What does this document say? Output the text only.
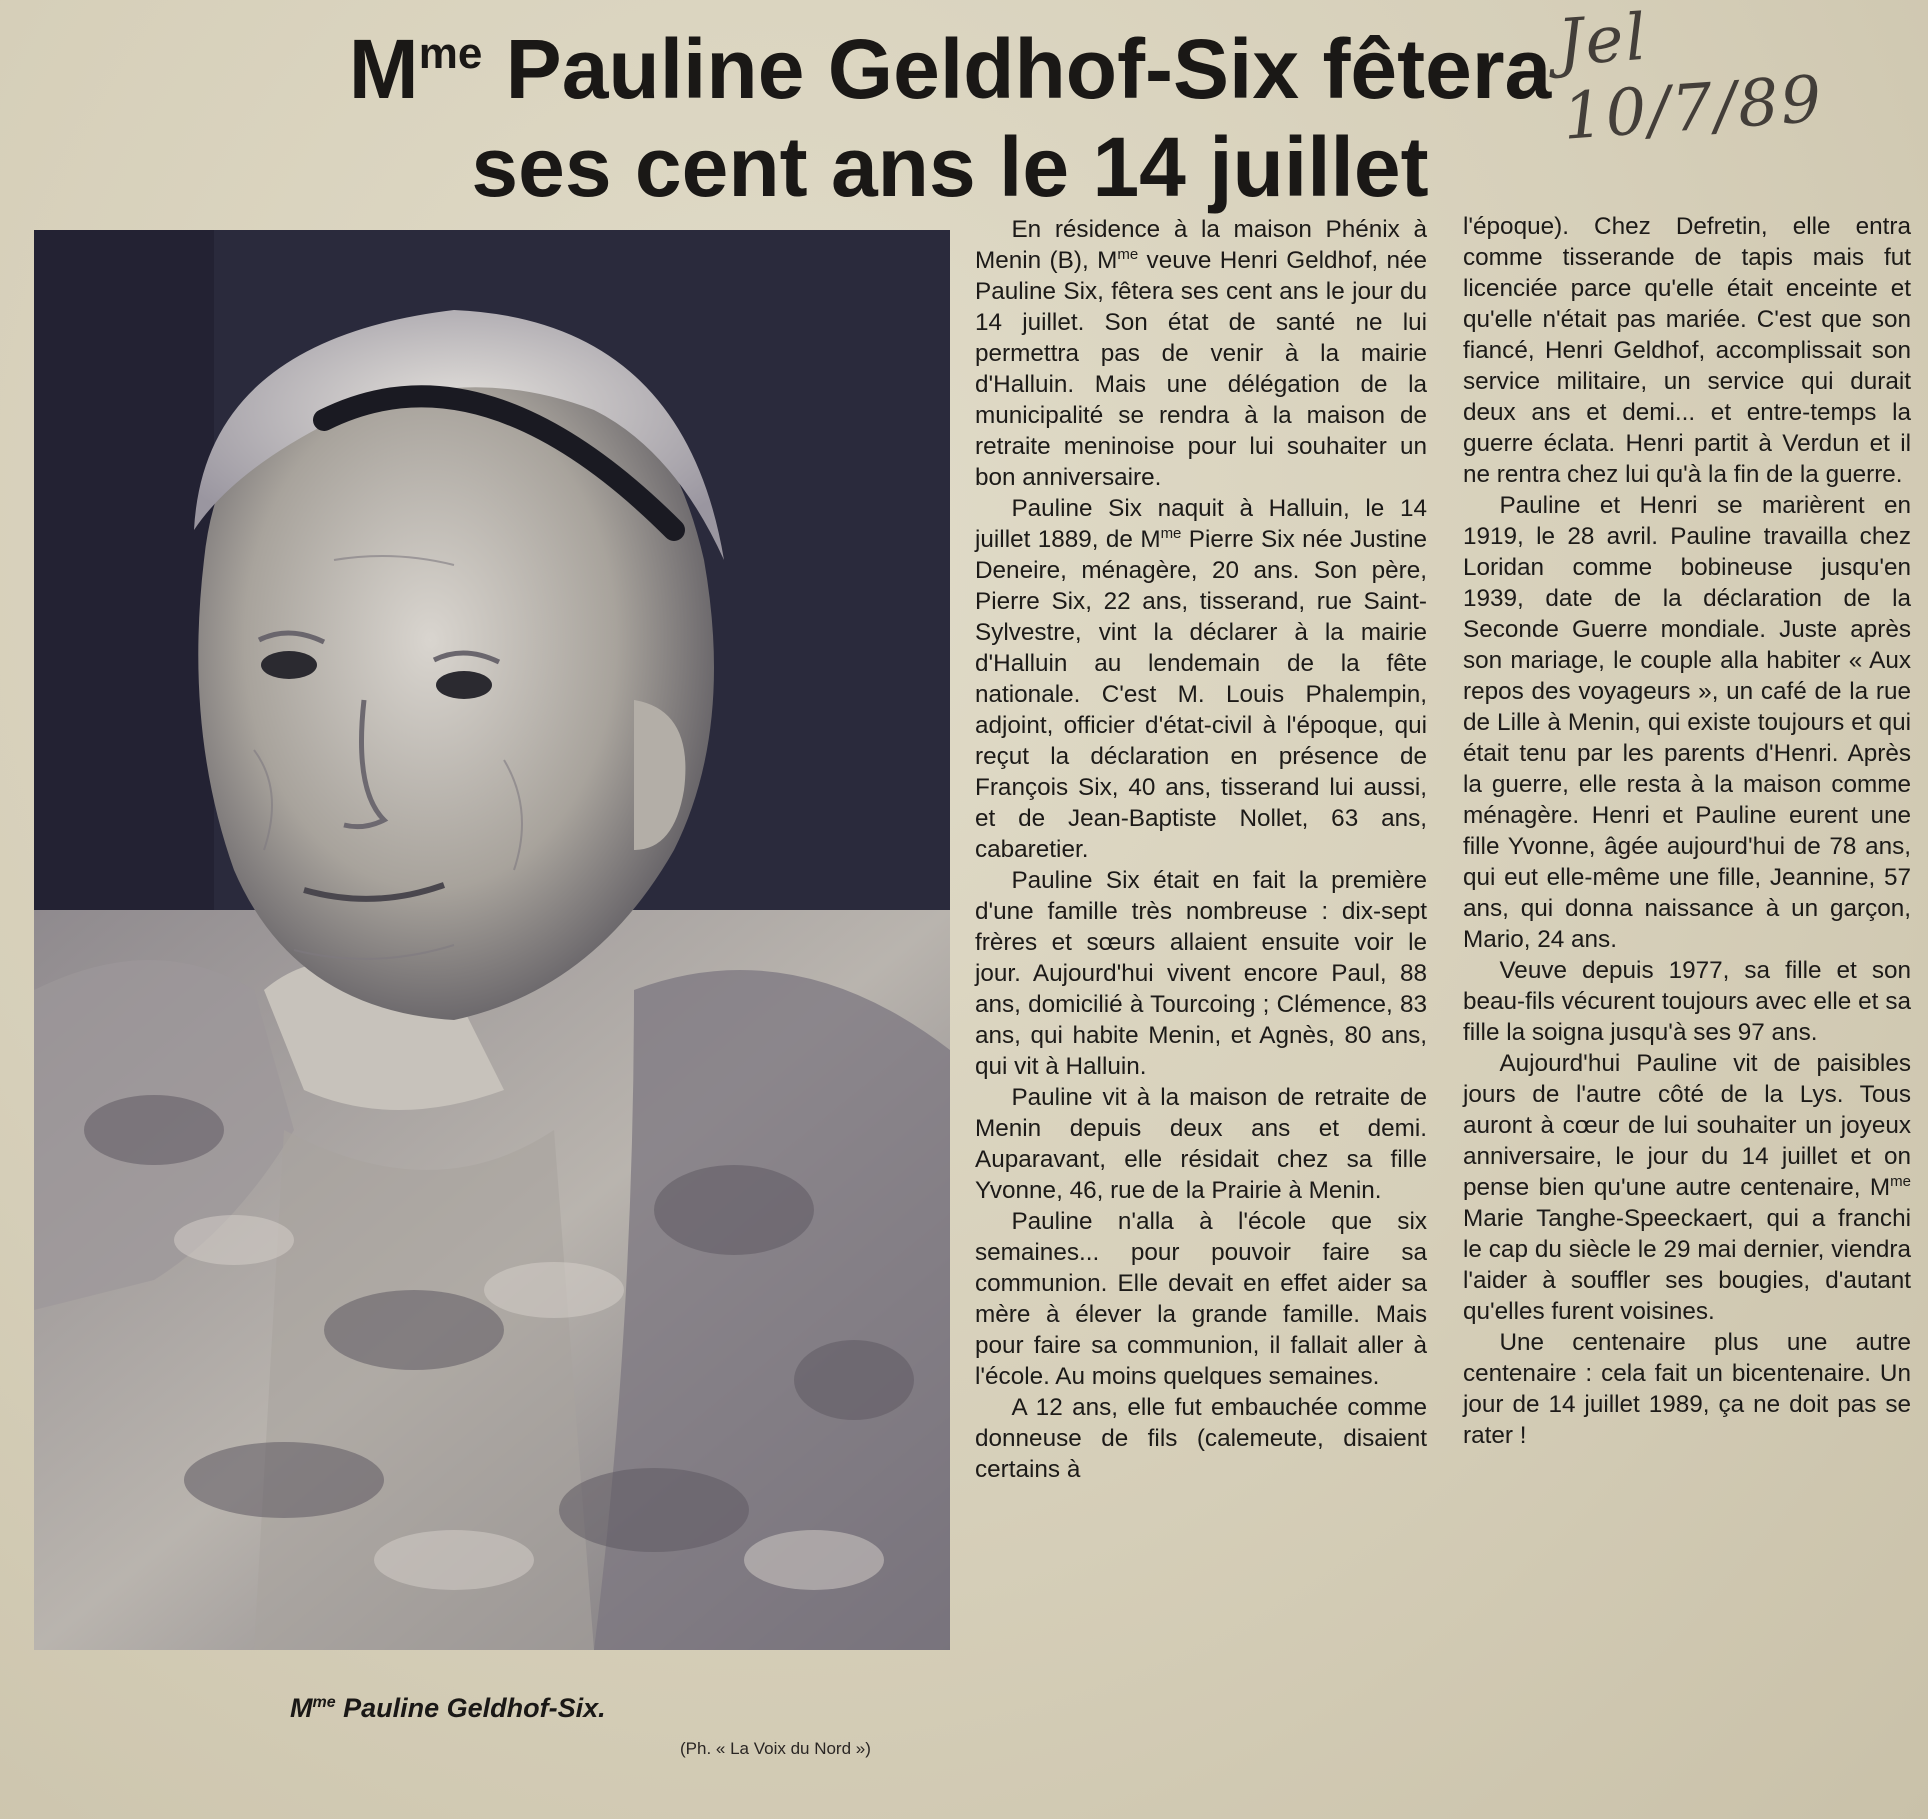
Jel 10/7/89
$M^{me}$ Pauline Geldhof-Six fêtera
ses cent ans le 14 juillet
$M^{me}$ Pauline Geldhof-Six.
(Ph. « La Voix du Nord »)

En résidence à la maison Phénix à Menin (B), $M^{me}$ veuve Henri Geldhof, née Pauline Six, fêtera ses cent ans le jour du 14 juillet. Son état de santé ne lui permettra pas de venir à la mairie d'Halluin. Mais une délégation de la municipalité se rendra à la maison de retraite meninoise pour lui souhaiter un bon anniversaire.

Pauline Six naquit à Halluin, le 14 juillet 1889, de $M^{me}$ Pierre Six née Justine Deneire, ménagère, 20 ans. Son père, Pierre Six, 22 ans, tisserand, rue Saint-Sylvestre, vint la déclarer à la mairie d'Halluin au lendemain de la fête nationale. C'est M. Louis Phalempin, adjoint, officier d'état-civil à l'époque, qui reçut la déclaration en présence de François Six, 40 ans, tisserand lui aussi, et de Jean-Baptiste Nollet, 63 ans, cabaretier.

Pauline Six était en fait la première d'une famille très nombreuse : dix-sept frères et sœurs allaient ensuite voir le jour. Aujourd'hui vivent encore Paul, 88 ans, domicilié à Tourcoing ; Clémence, 83 ans, qui habite Menin, et Agnès, 80 ans, qui vit à Halluin.

Pauline vit à la maison de retraite de Menin depuis deux ans et demi. Auparavant, elle résidait chez sa fille Yvonne, 46, rue de la Prairie à Menin.

Pauline n'alla à l'école que six semaines... pour pouvoir faire sa communion. Elle devait en effet aider sa mère à élever la grande famille. Mais pour faire sa communion, il fallait aller à l'école. Au moins quelques semaines.

A 12 ans, elle fut embauchée comme donneuse de fils (calemeute, disaient certains à

l'époque). Chez Defretin, elle entra comme tisserande de tapis mais fut licenciée parce qu'elle était enceinte et qu'elle n'était pas mariée. C'est que son fiancé, Henri Geldhof, accomplissait son service militaire, un service qui durait deux ans et demi... et entre-temps la guerre éclata. Henri partit à Verdun et il ne rentra chez lui qu'à la fin de la guerre.

Pauline et Henri se marièrent en 1919, le 28 avril. Pauline travailla chez Loridan comme bobineuse jusqu'en 1939, date de la déclaration de la Seconde Guerre mondiale. Juste après son mariage, le couple alla habiter « Aux repos des voyageurs », un café de la rue de Lille à Menin, qui existe toujours et qui était tenu par les parents d'Henri. Après la guerre, elle resta à la maison comme ménagère. Henri et Pauline eurent une fille Yvonne, âgée aujourd'hui de 78 ans, qui eut elle-même une fille, Jeannine, 57 ans, qui donna naissance à un garçon, Mario, 24 ans.

Veuve depuis 1977, sa fille et son beau-fils vécurent toujours avec elle et sa fille la soigna jusqu'à ses 97 ans.

Aujourd'hui Pauline vit de paisibles jours de l'autre côté de la Lys. Tous auront à cœur de lui souhaiter un joyeux anniversaire, le jour du 14 juillet et on pense bien qu'une autre centenaire, $M^{me}$ Marie Tanghe-Speeckaert, qui a franchi le cap du siècle le 29 mai dernier, viendra l'aider à souffler ses bougies, d'autant qu'elles furent voisines.

Une centenaire plus une autre centenaire : cela fait un bicentenaire. Un jour de 14 juillet 1989, ça ne doit pas se rater !
